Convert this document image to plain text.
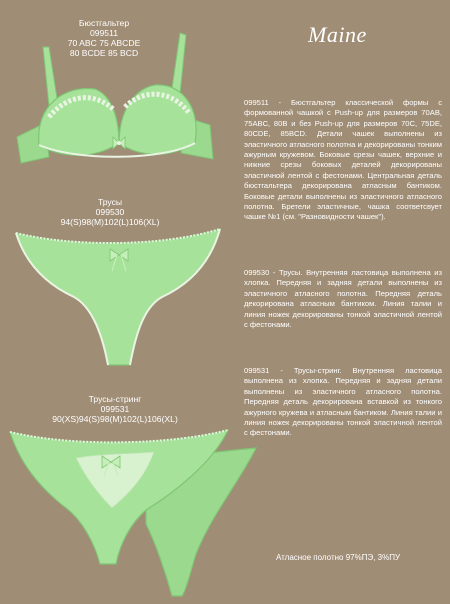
Maine
Бюстгальтер
099511
70 ABC 75 ABCDE
80 BCDE 85 BCD
099511 - Бюстгальтер классической формы с формованной чашкой с Push-up для размеров 70AB, 75ABC, 80B и без Push-up для размеров 70C, 75DE, 80CDE, 85BCD. Детали чашек выполнены из эластичного атласного полотна и декорированы тонким ажурным кружевом. Боковые срезы чашек, верхние и нижние срезы боковых деталей декорированы эластичной лентой с фестонами. Центральная деталь бюстгальтера декорирована атласным бантиком. Боковые детали выполнены из эластичного атласного полотна. Бретели эластичные, чашка соответсвует чашке №1 (см. "Разновидности чашек").
Трусы
099530
94(S)98(M)102(L)106(XL)
099530 - Трусы. Внутренняя ластовица выполнена из хлопка. Передняя и задняя детали выполнены из эластичного атласного полотна. Передняя деталь декорирована атласным бантиком. Линия талии и линия ножек декорированы тонкой эластичной лентой с фестонами.
Трусы-стринг
099531
90(XS)94(S)98(M)102(L)106(XL)
099531 - Трусы-стринг. Внутренняя ластовица выполнена из хлопка. Передняя и задняя детали выполнены из эластичного атласного полотна. Передняя деталь декорирована вставкой из тонкого ажурного кружева и атласным бантиком. Линия талии и линия ножек декорированы тонкой эластичной лентой с фестонами.
Атласное полотно 97%ПЭ, 3%ПУ
